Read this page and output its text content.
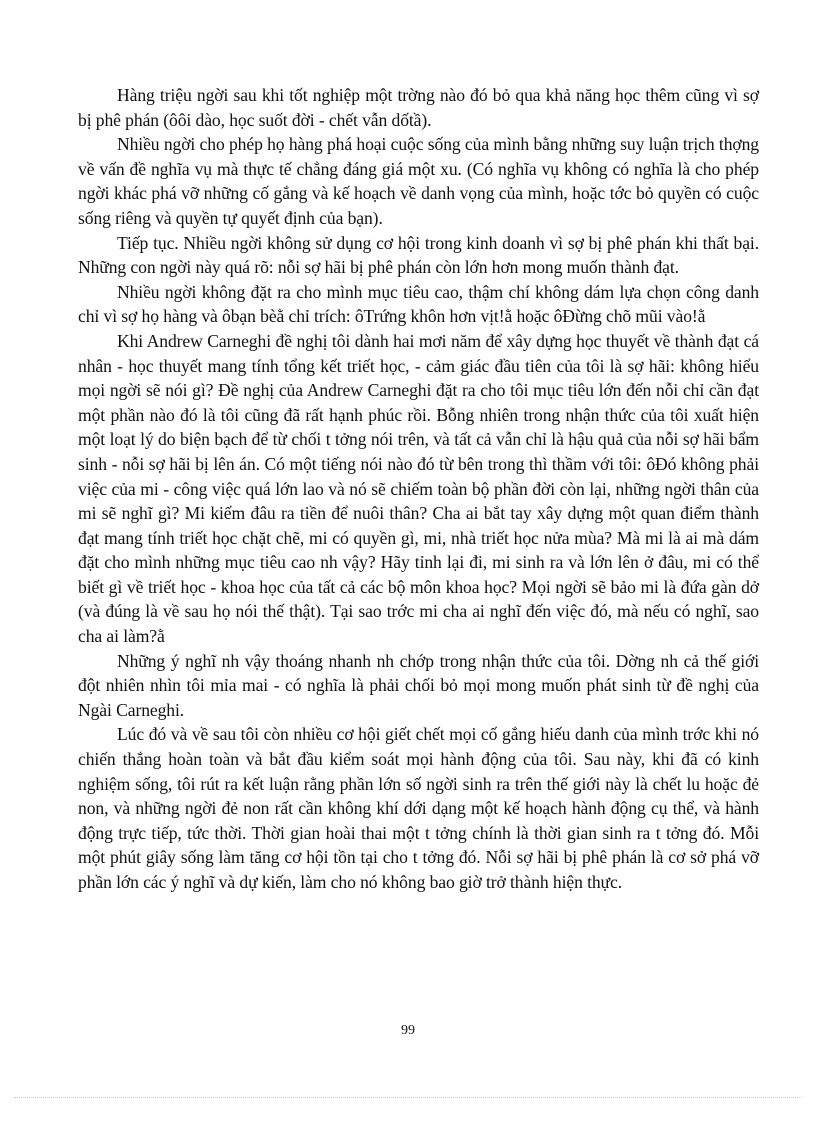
Hàng triệu ngời sau khi tốt nghiệp một trờng nào đó bỏ qua khả năng học thêm cũng vì sợ bị phê phán (ôôi dào, học suốt đời - chết vẫn dốtầ).

Nhiều ngời cho phép họ hàng phá hoại cuộc sống của mình bằng những suy luận trịch thợng về vấn đề nghĩa vụ mà thực tế chẳng đáng giá một xu. (Có nghĩa vụ không có nghĩa là cho phép ngời khác phá vỡ những cố gắng và kế hoạch về danh vọng của mình, hoặc tớc bỏ quyền có cuộc sống riêng và quyền tự quyết định của bạn).

Tiếp tục. Nhiều ngời không sử dụng cơ hội trong kinh doanh vì sợ bị phê phán khi thất bại. Những con ngời này quá rõ: nỗi sợ hãi bị phê phán còn lớn hơn mong muốn thành đạt.

Nhiều ngời không đặt ra cho mình mục tiêu cao, thậm chí không dám lựa chọn công danh chỉ vì sợ họ hàng và ôbạn bèằ chỉ trích: ôTrứng khôn hơn vịt!ằ hoặc ôĐừng chõ mũi vào!ằ

Khi Andrew Carneghi đề nghị tôi dành hai mơi năm để xây dựng học thuyết về thành đạt cá nhân - học thuyết mang tính tổng kết triết học, - cảm giác đầu tiên của tôi là sợ hãi: không hiểu mọi ngời sẽ nói gì? Đề nghị của Andrew Carneghi đặt ra cho tôi mục tiêu lớn đến nỗi chỉ cần đạt một phần nào đó là tôi cũng đã rất hạnh phúc rồi. Bỗng nhiên trong nhận thức của tôi xuất hiện một loạt lý do biện bạch để từ chối t tởng nói trên, và tất cả vẫn chỉ là hậu quả của nỗi sợ hãi bẩm sinh - nỗi sợ hãi bị lên án. Có một tiếng nói nào đó từ bên trong thì thầm với tôi: ôĐó không phải việc của mi - công việc quá lớn lao và nó sẽ chiếm toàn bộ phần đời còn lại, những ngời thân của mi sẽ nghĩ gì? Mi kiếm đâu ra tiền để nuôi thân? Cha ai bắt tay xây dựng một quan điểm thành đạt mang tính triết học chặt chẽ, mi có quyền gì, mi, nhà triết học nửa mùa? Mà mi là ai mà dám đặt cho mình những mục tiêu cao nh vậy? Hãy tỉnh lại đi, mi sinh ra và lớn lên ở đâu, mi có thể biết gì về triết học - khoa học của tất cả các bộ môn khoa học? Mọi ngời sẽ bảo mi là đứa gàn dở (và đúng là về sau họ nói thế thật). Tại sao trớc mi cha ai nghĩ đến việc đó, mà nếu có nghĩ, sao cha ai làm?ằ

Những ý nghĩ nh vậy thoáng nhanh nh chớp trong nhận thức của tôi. Dờng nh cả thế giới đột nhiên nhìn tôi mỉa mai - có nghĩa là phải chối bỏ mọi mong muốn phát sinh từ đề nghị của Ngài Carneghi.

Lúc đó và về sau tôi còn nhiều cơ hội giết chết mọi cố gắng hiếu danh của mình trớc khi nó chiến thắng hoàn toàn và bắt đầu kiểm soát mọi hành động của tôi. Sau này, khi đã có kinh nghiệm sống, tôi rút ra kết luận rằng phần lớn số ngời sinh ra trên thế giới này là chết lu hoặc đẻ non, và những ngời đẻ non rất cần không khí dới dạng một kế hoạch hành động cụ thể, và hành động trực tiếp, tức thời. Thời gian hoài thai một t tởng chính là thời gian sinh ra t tởng đó. Mỗi một phút giây sống làm tăng cơ hội tồn tại cho t tởng đó. Nỗi sợ hãi bị phê phán là cơ sở phá vỡ phần lớn các ý nghĩ và dự kiến, làm cho nó không bao giờ trở thành hiện thực.

99
